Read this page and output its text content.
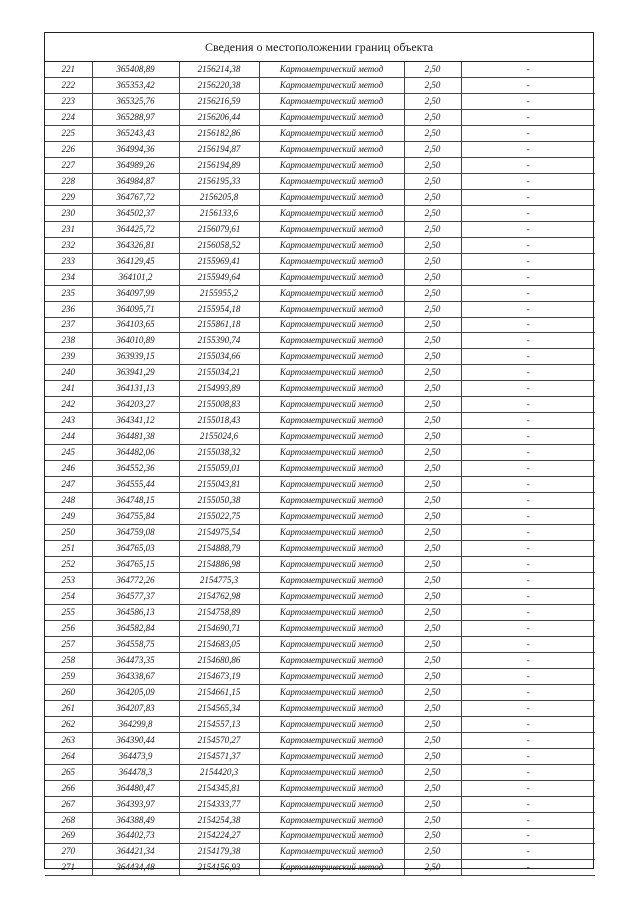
Сведения о местоположении границ объекта
221	365408,89	2156214,38	Картометрический метод	2,50	-
222	365353,42	2156220,38	Картометрический метод	2,50	-
223	365325,76	2156216,59	Картометрический метод	2,50	-
224	365288,97	2156206,44	Картометрический метод	2,50	-
225	365243,43	2156182,86	Картометрический метод	2,50	-
226	364994,36	2156194,87	Картометрический метод	2,50	-
227	364989,26	2156194,89	Картометрический метод	2,50	-
228	364984,87	2156195,33	Картометрический метод	2,50	-
229	364767,72	2156205,8	Картометрический метод	2,50	-
230	364502,37	2156133,6	Картометрический метод	2,50	-
231	364425,72	2156079,61	Картометрический метод	2,50	-
232	364326,81	2156058,52	Картометрический метод	2,50	-
233	364129,45	2155969,41	Картометрический метод	2,50	-
234	364101,2	2155949,64	Картометрический метод	2,50	-
235	364097,99	2155955,2	Картометрический метод	2,50	-
236	364095,71	2155954,18	Картометрический метод	2,50	-
237	364103,65	2155861,18	Картометрический метод	2,50	-
238	364010,89	2155390,74	Картометрический метод	2,50	-
239	363939,15	2155034,66	Картометрический метод	2,50	-
240	363941,29	2155034,21	Картометрический метод	2,50	-
241	364131,13	2154993,89	Картометрический метод	2,50	-
242	364203,27	2155008,83	Картометрический метод	2,50	-
243	364341,12	2155018,43	Картометрический метод	2,50	-
244	364481,38	2155024,6	Картометрический метод	2,50	-
245	364482,06	2155038,32	Картометрический метод	2,50	-
246	364552,36	2155059,01	Картометрический метод	2,50	-
247	364555,44	2155043,81	Картометрический метод	2,50	-
248	364748,15	2155050,38	Картометрический метод	2,50	-
249	364755,84	2155022,75	Картометрический метод	2,50	-
250	364759,08	2154975,54	Картометрический метод	2,50	-
251	364765,03	2154888,79	Картометрический метод	2,50	-
252	364765,15	2154886,98	Картометрический метод	2,50	-
253	364772,26	2154775,3	Картометрический метод	2,50	-
254	364577,37	2154762,98	Картометрический метод	2,50	-
255	364586,13	2154758,89	Картометрический метод	2,50	-
256	364582,84	2154690,71	Картометрический метод	2,50	-
257	364558,75	2154683,05	Картометрический метод	2,50	-
258	364473,35	2154680,86	Картометрический метод	2,50	-
259	364338,67	2154673,19	Картометрический метод	2,50	-
260	364205,09	2154661,15	Картометрический метод	2,50	-
261	364207,83	2154565,34	Картометрический метод	2,50	-
262	364299,8	2154557,13	Картометрический метод	2,50	-
263	364390,44	2154570,27	Картометрический метод	2,50	-
264	364473,9	2154571,37	Картометрический метод	2,50	-
265	364478,3	2154420,3	Картометрический метод	2,50	-
266	364480,47	2154345,81	Картометрический метод	2,50	-
267	364393,97	2154333,77	Картометрический метод	2,50	-
268	364388,49	2154254,38	Картометрический метод	2,50	-
269	364402,73	2154224,27	Картометрический метод	2,50	-
270	364421,34	2154179,38	Картометрический метод	2,50	-
271	364434,48	2154156,93	Картометрический метод	2,50	-
